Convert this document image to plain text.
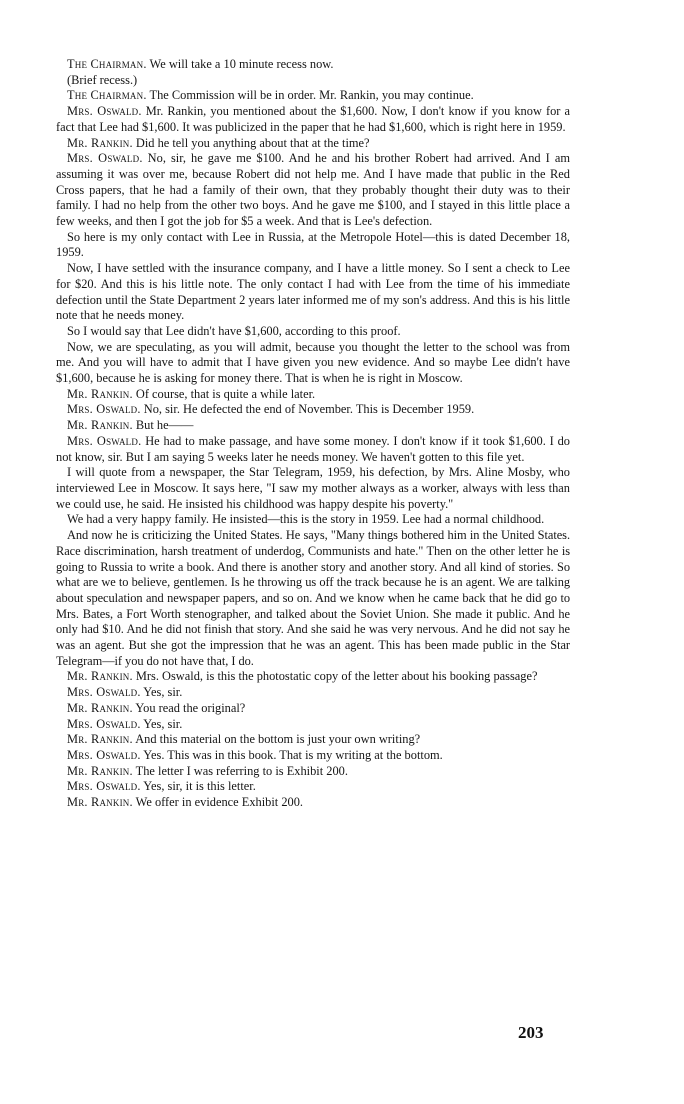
The Chairman. We will take a 10 minute recess now.

(Brief recess.)

The Chairman. The Commission will be in order. Mr. Rankin, you may continue.

Mrs. Oswald. Mr. Rankin, you mentioned about the $1,600. Now, I don't know if you know for a fact that Lee had $1,600. It was publicized in the paper that he had $1,600, which is right here in 1959.

Mr. Rankin. Did he tell you anything about that at the time?

Mrs. Oswald. No, sir, he gave me $100. And he and his brother Robert had arrived. And I am assuming it was over me, because Robert did not help me. And I have made that public in the Red Cross papers, that he had a family of their own, that they probably thought their duty was to their family. I had no help from the other two boys. And he gave me $100, and I stayed in this little place a few weeks, and then I got the job for $5 a week. And that is Lee's defection.

So here is my only contact with Lee in Russia, at the Metropole Hotel—this is dated December 18, 1959.

Now, I have settled with the insurance company, and I have a little money. So I sent a check to Lee for $20. And this is his little note. The only contact I had with Lee from the time of his immediate defection until the State Department 2 years later informed me of my son's address. And this is his little note that he needs money.

So I would say that Lee didn't have $1,600, according to this proof.

Now, we are speculating, as you will admit, because you thought the letter to the school was from me. And you will have to admit that I have given you new evidence. And so maybe Lee didn't have $1,600, because he is asking for money there. That is when he is right in Moscow.

Mr. Rankin. Of course, that is quite a while later.

Mrs. Oswald. No, sir. He defected the end of November. This is December 1959.

Mr. Rankin. But he——

Mrs. Oswald. He had to make passage, and have some money. I don't know if it took $1,600. I do not know, sir. But I am saying 5 weeks later he needs money. We haven't gotten to this file yet.

I will quote from a newspaper, the Star Telegram, 1959, his defection, by Mrs. Aline Mosby, who interviewed Lee in Moscow. It says here, "I saw my mother always as a worker, always with less than we could use, he said. He insisted his childhood was happy despite his poverty."

We had a very happy family. He insisted—this is the story in 1959. Lee had a normal childhood.

And now he is criticizing the United States. He says, "Many things bothered him in the United States. Race discrimination, harsh treatment of underdog, Communists and hate." Then on the other letter he is going to Russia to write a book. And there is another story and another story. And all kind of stories. So what are we to believe, gentlemen. Is he throwing us off the track because he is an agent. We are talking about speculation and newspaper papers, and so on. And we know when he came back that he did go to Mrs. Bates, a Fort Worth stenographer, and talked about the Soviet Union. She made it public. And he only had $10. And he did not finish that story. And she said he was very nervous. And he did not say he was an agent. But she got the impression that he was an agent. This has been made public in the Star Telegram—if you do not have that, I do.

Mr. Rankin. Mrs. Oswald, is this the photostatic copy of the letter about his booking passage?

Mrs. Oswald. Yes, sir.

Mr. Rankin. You read the original?

Mrs. Oswald. Yes, sir.

Mr. Rankin. And this material on the bottom is just your own writing?

Mrs. Oswald. Yes. This was in this book. That is my writing at the bottom.

Mr. Rankin. The letter I was referring to is Exhibit 200.

Mrs. Oswald. Yes, sir, it is this letter.

Mr. Rankin. We offer in evidence Exhibit 200.

203
